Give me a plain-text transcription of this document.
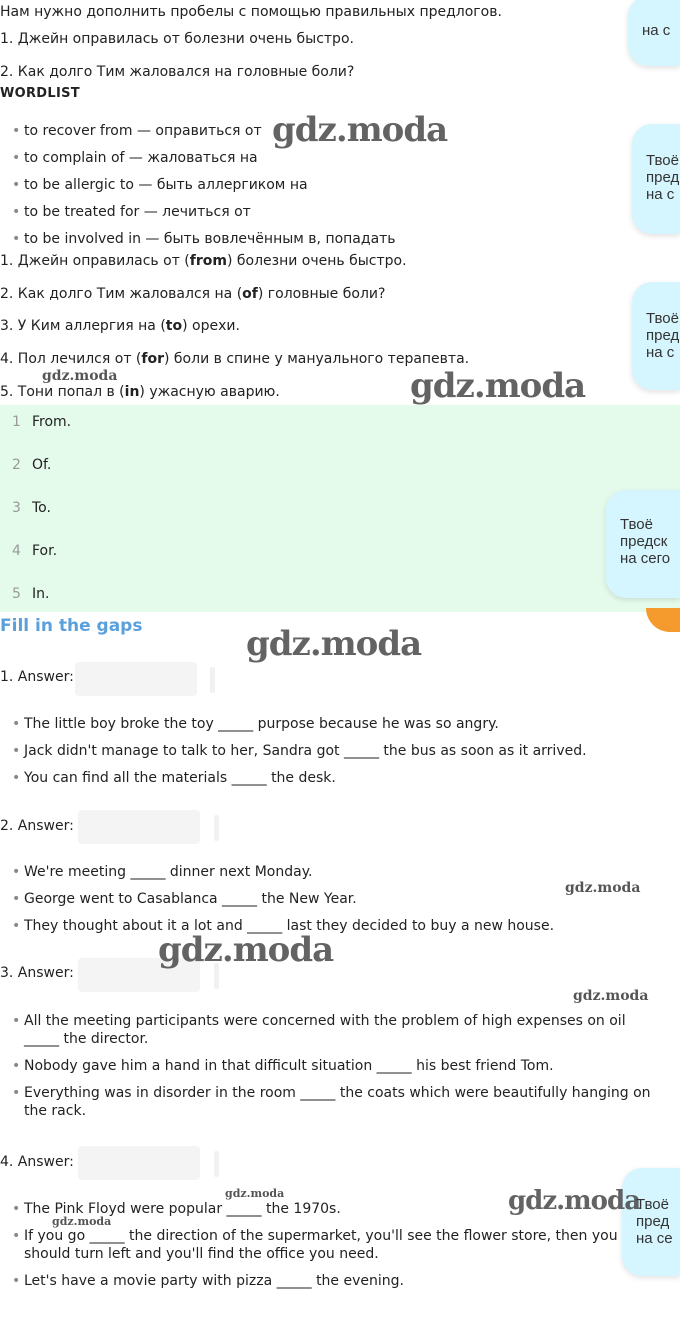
Нам нужно дополнить пробелы с помощью правильных предлогов.
1. Джейн оправилась от болезни очень быстро.
2. Как долго Тим жаловался на головные боли?
WORDLIST
• to recover from — оправиться от
• to complain of — жаловаться на
• to be allergic to — быть аллергиком на
• to be treated for — лечиться от
• to be involved in — быть вовлечённым в, попадать
1. Джейн оправилась от (from) болезни очень быстро.
2. Как долго Тим жаловался на (of) головные боли?
3. У Ким аллергия на (to) орехи.
4. Пол лечился от (for) боли в спине у мануального терапевта.
5. Тони попал в (in) ужасную аварию.
1 From.
2 Of.
3 To.
4 For.
5 In.
Fill in the gaps
1. Answer:
• The little boy broke the toy _____ purpose because he was so angry.
• Jack didn't manage to talk to her, Sandra got _____ the bus as soon as it arrived.
• You can find all the materials _____ the desk.
2. Answer:
• We're meeting _____ dinner next Monday.
• George went to Casablanca _____ the New Year.
• They thought about it a lot and _____ last they decided to buy a new house.
3. Answer:
• All the meeting participants were concerned with the problem of high expenses on oil _____ the director.
• Nobody gave him a hand in that difficult situation _____ his best friend Tom.
• Everything was in disorder in the room _____ the coats which were beautifully hanging on the rack.
4. Answer:
• The Pink Floyd were popular _____ the 1970s.
• If you go _____ the direction of the supermarket, you'll see the flower store, then you should turn left and you'll find the office you need.
• Let's have a movie party with pizza _____ the evening.
на с
Твоё
пред
на с
Твоё
пред
на с
Твоё
предск
на сего
Твоё
пред
на се
gdz.moda
gdz.moda	gdz.moda
gdz.moda
gdz.moda
gdz.moda
gdz.moda
gdz.moda
gdz.moda
gdz.moda
